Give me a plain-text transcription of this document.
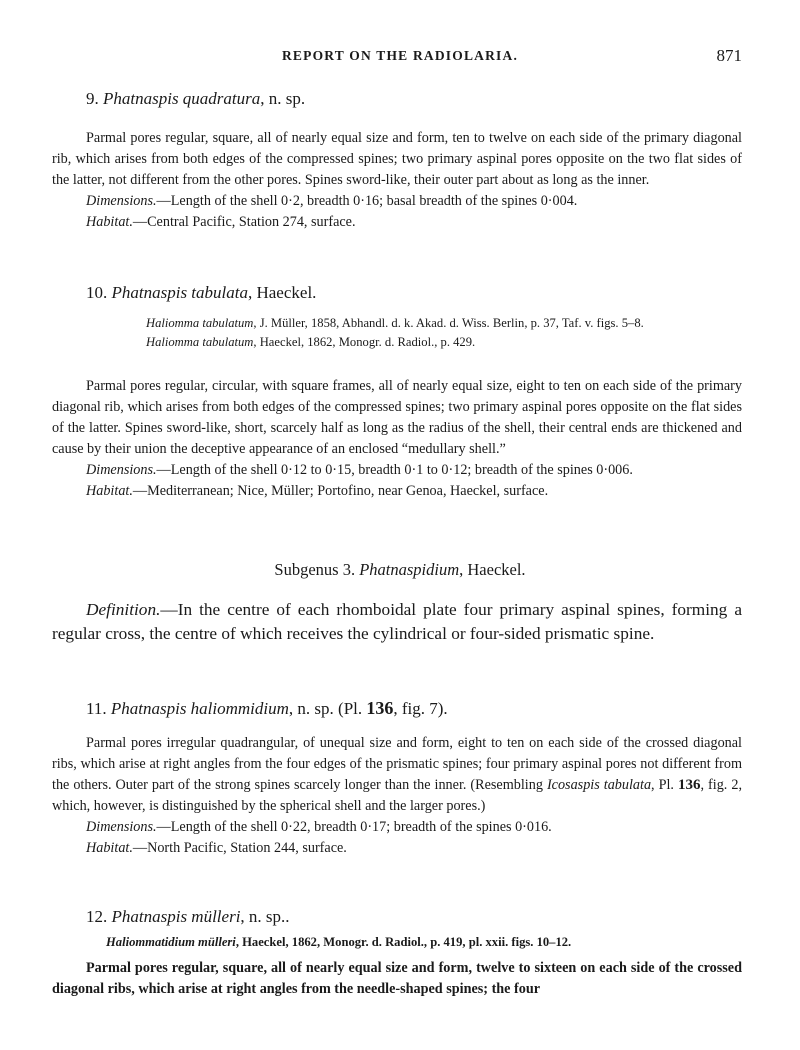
REPORT ON THE RADIOLARIA.	871
9. Phatnaspis quadratura, n. sp.

Parmal pores regular, square, all of nearly equal size and form, ten to twelve on each side of the primary diagonal rib, which arises from both edges of the compressed spines; two primary aspinal pores opposite on the two flat sides of the latter, not different from the other pores. Spines sword-like, their outer part about as long as the inner.

Dimensions.—Length of the shell 0·2, breadth 0·16; basal breadth of the spines 0·004.

Habitat.—Central Pacific, Station 274, surface.

10. Phatnaspis tabulata, Haeckel.

Haliomma tabulatum, J. Müller, 1858, Abhandl. d. k. Akad. d. Wiss. Berlin, p. 37, Taf. v. figs. 5–8.

Haliomma tabulatum, Haeckel, 1862, Monogr. d. Radiol., p. 429.

Parmal pores regular, circular, with square frames, all of nearly equal size, eight to ten on each side of the primary diagonal rib, which arises from both edges of the compressed spines; two primary aspinal pores opposite on the flat sides of the latter. Spines sword-like, short, scarcely half as long as the radius of the shell, their central ends are thickened and cause by their union the deceptive appearance of an enclosed “medullary shell.”

Dimensions.—Length of the shell 0·12 to 0·15, breadth 0·1 to 0·12; breadth of the spines 0·006.

Habitat.—Mediterranean; Nice, Müller; Portofino, near Genoa, Haeckel, surface.

Subgenus 3. Phatnaspidium, Haeckel.

Definition.—In the centre of each rhomboidal plate four primary aspinal spines, forming a regular cross, the centre of which receives the cylindrical or four-sided prismatic spine.

11. Phatnaspis haliommidium, n. sp. (Pl. 136, fig. 7).

Parmal pores irregular quadrangular, of unequal size and form, eight to ten on each side of the crossed diagonal ribs, which arise at right angles from the four edges of the prismatic spines; four primary aspinal pores not different from the others. Outer part of the strong spines scarcely longer than the inner. (Resembling Icosaspis tabulata, Pl. 136, fig. 2, which, however, is distinguished by the spherical shell and the larger pores.)

Dimensions.—Length of the shell 0·22, breadth 0·17; breadth of the spines 0·016.

Habitat.—North Pacific, Station 244, surface.

12. Phatnaspis mülleri, n. sp..

Haliommatidium mülleri, Haeckel, 1862, Monogr. d. Radiol., p. 419, pl. xxii. figs. 10–12.

Parmal pores regular, square, all of nearly equal size and form, twelve to sixteen on each side of the crossed diagonal ribs, which arise at right angles from the needle-shaped spines; the four
